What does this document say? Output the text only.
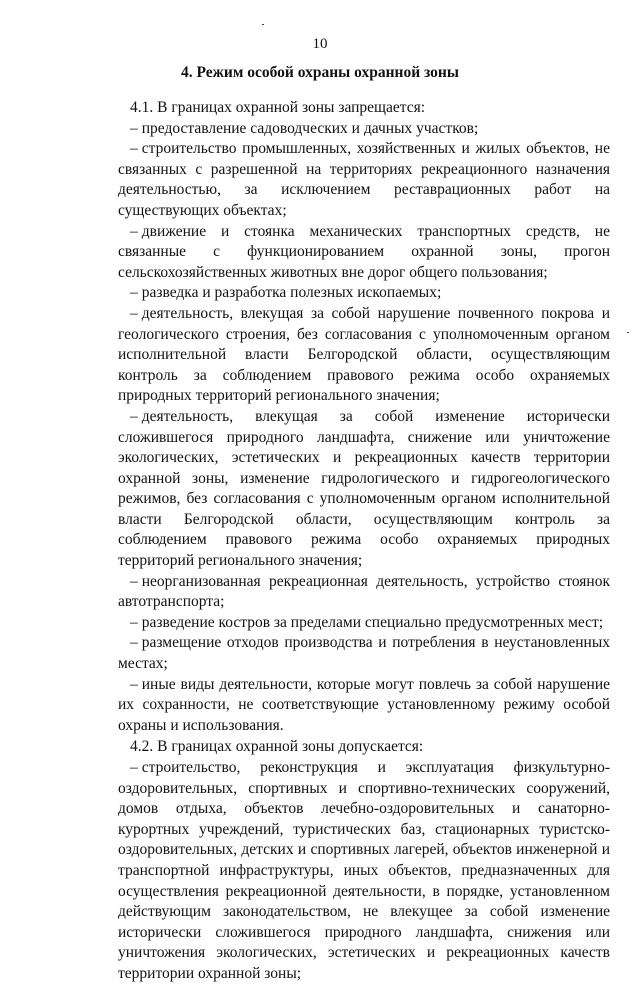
10
4. Режим особой охраны охранной зоны

4.1. В границах охранной зоны запрещается:

– предоставление садоводческих и дачных участков;

– строительство промышленных, хозяйственных и жилых объектов, не связанных с разрешенной на территориях рекреационного назначения деятельностью, за исключением реставрационных работ на существующих объектах;

– движение и стоянка механических транспортных средств, не связанные с функционированием охранной зоны, прогон сельскохозяйственных животных вне дорог общего пользования;

– разведка и разработка полезных ископаемых;

– деятельность, влекущая за собой нарушение почвенного покрова и геологического строения, без согласования с уполномоченным органом исполнительной власти Белгородской области, осуществляющим контроль за соблюдением правового режима особо охраняемых природных территорий регионального значения;

– деятельность, влекущая за собой изменение исторически сложившегося природного ландшафта, снижение или уничтожение экологических, эстетических и рекреационных качеств территории охранной зоны, изменение гидрологического и гидрогеологического режимов, без согласования с уполномоченным органом исполнительной власти Белгородской области, осуществляющим контроль за соблюдением правового режима особо охраняемых природных территорий регионального значения;

– неорганизованная рекреационная деятельность, устройство стоянок автотранспорта;

– разведение костров за пределами специально предусмотренных мест;

– размещение отходов производства и потребления в неустановленных местах;

– иные виды деятельности, которые могут повлечь за собой нарушение их сохранности, не соответствующие установленному режиму особой охраны и использования.

4.2. В границах охранной зоны допускается:

– строительство, реконструкция и эксплуатация физкультурно-оздоровительных, спортивных и спортивно-технических сооружений, домов отдыха, объектов лечебно-оздоровительных и санаторно-курортных учреждений, туристических баз, стационарных туристско-оздоровительных, детских и спортивных лагерей, объектов инженерной и транспортной инфраструктуры, иных объектов, предназначенных для осуществления рекреационной деятельности, в порядке, установленном действующим законодательством, не влекущее за собой изменение исторически сложившегося природного ландшафта, снижения или уничтожения экологических, эстетических и рекреационных качеств территории охранной зоны;
